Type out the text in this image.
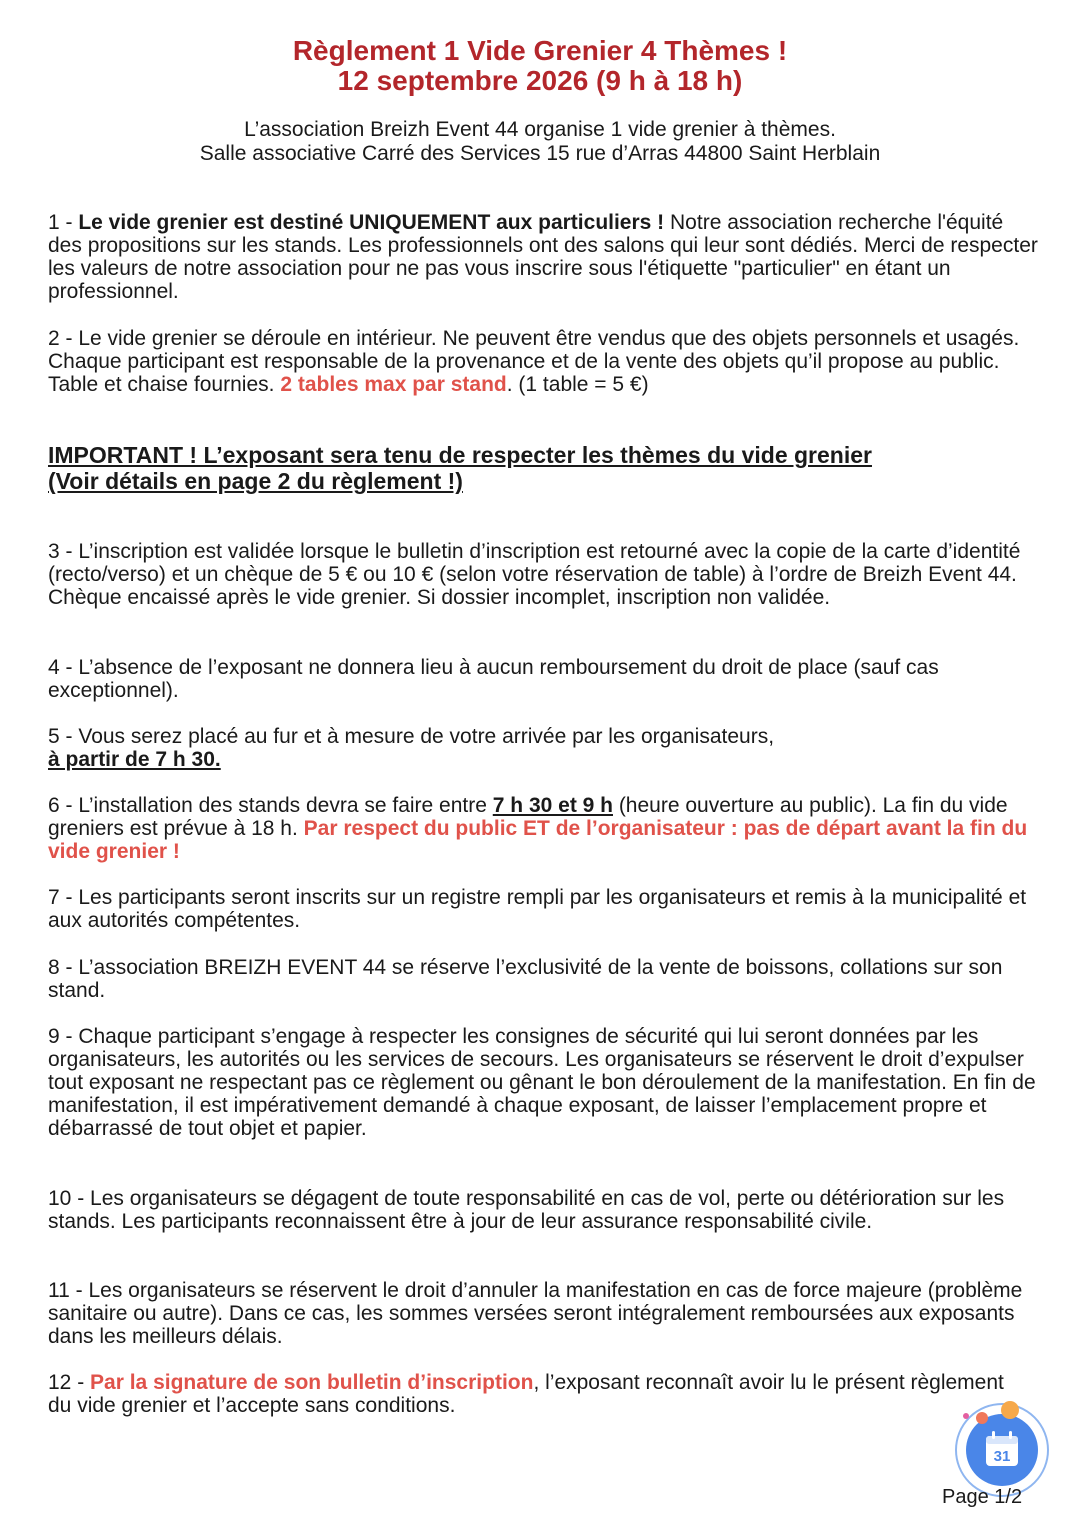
Règlement 1 Vide Grenier 4 Thèmes !
12 septembre 2026 (9 h à 18 h)
L’association Breizh Event 44 organise 1 vide grenier à thèmes.
Salle associative Carré des Services 15 rue d’Arras 44800 Saint Herblain
1 - Le vide grenier est destiné UNIQUEMENT aux particuliers ! Notre association recherche l'équité des propositions sur les stands. Les professionnels ont des salons qui leur sont dédiés. Merci de respecter les valeurs de notre association pour ne pas vous inscrire sous l'étiquette "particulier" en étant un professionnel.
2 - Le vide grenier se déroule en intérieur. Ne peuvent être vendus que des objets personnels et usagés. Chaque participant est responsable de la provenance et de la vente des objets qu’il propose au public. Table et chaise fournies. 2 tables max par stand. (1 table = 5 €)
IMPORTANT ! L’exposant sera tenu de respecter les thèmes du vide grenier
(Voir détails en page 2 du règlement !)
3 - L’inscription est validée lorsque le bulletin d’inscription est retourné avec la copie de la carte d’identité (recto/verso) et un chèque de 5 € ou 10 € (selon votre réservation de table) à l’ordre de Breizh Event 44. Chèque encaissé après le vide grenier. Si dossier incomplet, inscription non validée.
4 - L’absence de l’exposant ne donnera lieu à aucun remboursement du droit de place (sauf cas exceptionnel).
5 - Vous serez placé au fur et à mesure de votre arrivée par les organisateurs,
à partir de 7 h 30.
6 - L’installation des stands devra se faire entre 7 h 30 et 9 h (heure ouverture au public). La fin du vide greniers est prévue à 18 h. Par respect du public ET de l’organisateur : pas de départ avant la fin du vide grenier !
7 - Les participants seront inscrits sur un registre rempli par les organisateurs et remis à la municipalité et aux autorités compétentes.
8 - L’association BREIZH EVENT 44 se réserve l’exclusivité de la vente de boissons, collations sur son stand.
9 - Chaque participant s’engage à respecter les consignes de sécurité qui lui seront données par les organisateurs, les autorités ou les services de secours. Les organisateurs se réservent le droit d’expulser tout exposant ne respectant pas ce règlement ou gênant le bon déroulement de la manifestation. En fin de manifestation, il est impérativement demandé à chaque exposant, de laisser l’emplacement propre et débarrassé de tout objet et papier.
10 - Les organisateurs se dégagent de toute responsabilité en cas de vol, perte ou détérioration sur les stands. Les participants reconnaissent être à jour de leur assurance responsabilité civile.
11 - Les organisateurs se réservent le droit d’annuler la manifestation en cas de force majeure (problème sanitaire ou autre). Dans ce cas, les sommes versées seront intégralement remboursées aux exposants dans les meilleurs délais.
12 - Par la signature de son bulletin d’inscription, l’exposant reconnaît avoir lu le présent règlement du vide grenier et l’accepte sans conditions.
31
Page 1/2
